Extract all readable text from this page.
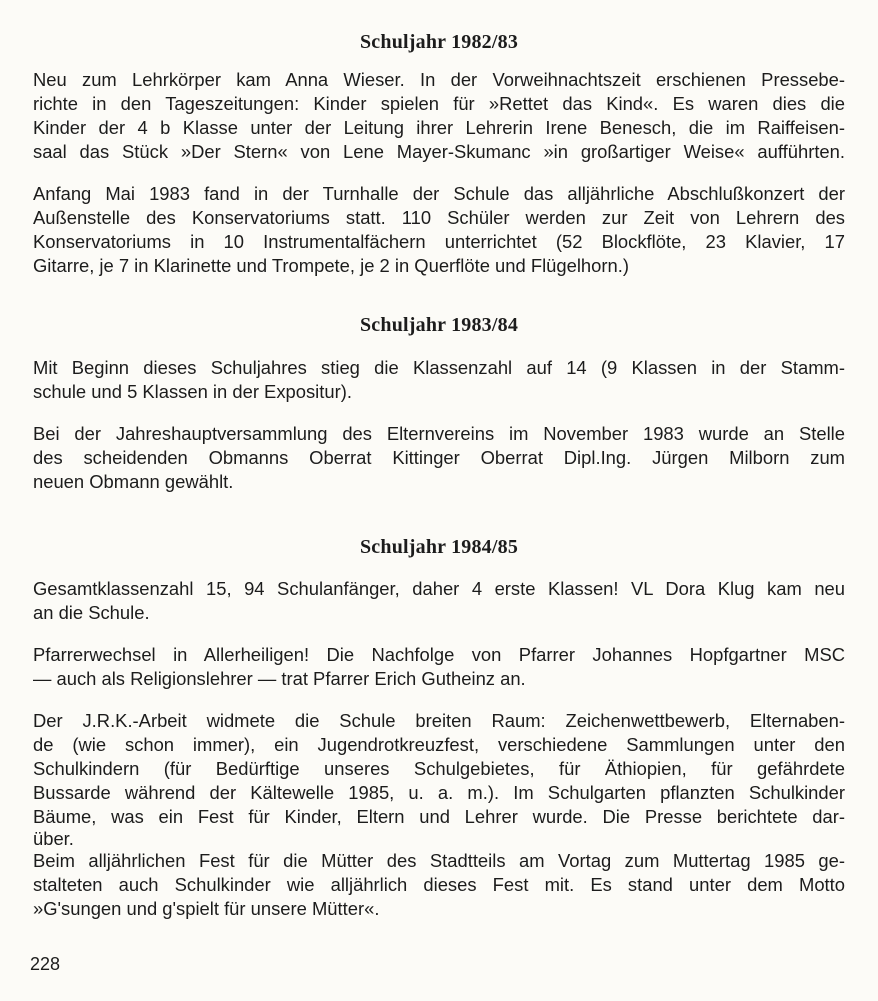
Schuljahr 1982/83
Neu zum Lehrkörper kam Anna Wieser. In der Vorweihnachtszeit erschienen Pressebe-
richte in den Tageszeitungen: Kinder spielen für »Rettet das Kind«. Es waren dies die
Kinder der 4 b Klasse unter der Leitung ihrer Lehrerin Irene Benesch, die im Raiffeisen-
saal das Stück »Der Stern« von Lene Mayer-Skumanc »in großartiger Weise« aufführten.
Anfang Mai 1983 fand in der Turnhalle der Schule das alljährliche Abschlußkonzert der
Außenstelle des Konservatoriums statt. 110 Schüler werden zur Zeit von Lehrern des
Konservatoriums in 10 Instrumentalfächern unterrichtet (52 Blockflöte, 23 Klavier, 17
Gitarre, je 7 in Klarinette und Trompete, je 2 in Querflöte und Flügelhorn.)
Schuljahr 1983/84
Mit Beginn dieses Schuljahres stieg die Klassenzahl auf 14 (9 Klassen in der Stamm-
schule und 5 Klassen in der Expositur).
Bei der Jahreshauptversammlung des Elternvereins im November 1983 wurde an Stelle
des scheidenden Obmanns Oberrat Kittinger Oberrat Dipl.Ing. Jürgen Milborn zum
neuen Obmann gewählt.
Schuljahr 1984/85
Gesamtklassenzahl 15, 94 Schulanfänger, daher 4 erste Klassen! VL Dora Klug kam neu
an die Schule.
Pfarrerwechsel in Allerheiligen! Die Nachfolge von Pfarrer Johannes Hopfgartner MSC
— auch als Religionslehrer — trat Pfarrer Erich Gutheinz an.
Der J.R.K.-Arbeit widmete die Schule breiten Raum: Zeichenwettbewerb, Elternaben-
de (wie schon immer), ein Jugendrotkreuzfest, verschiedene Sammlungen unter den
Schulkindern (für Bedürftige unseres Schulgebietes, für Äthiopien, für gefährdete
Bussarde während der Kältewelle 1985, u. a. m.). Im Schulgarten pflanzten Schulkinder
Bäume, was ein Fest für Kinder, Eltern und Lehrer wurde. Die Presse berichtete dar-
über.
Beim alljährlichen Fest für die Mütter des Stadtteils am Vortag zum Muttertag 1985 ge-
stalteten auch Schulkinder wie alljährlich dieses Fest mit. Es stand unter dem Motto
»G'sungen und g'spielt für unsere Mütter«.
228
